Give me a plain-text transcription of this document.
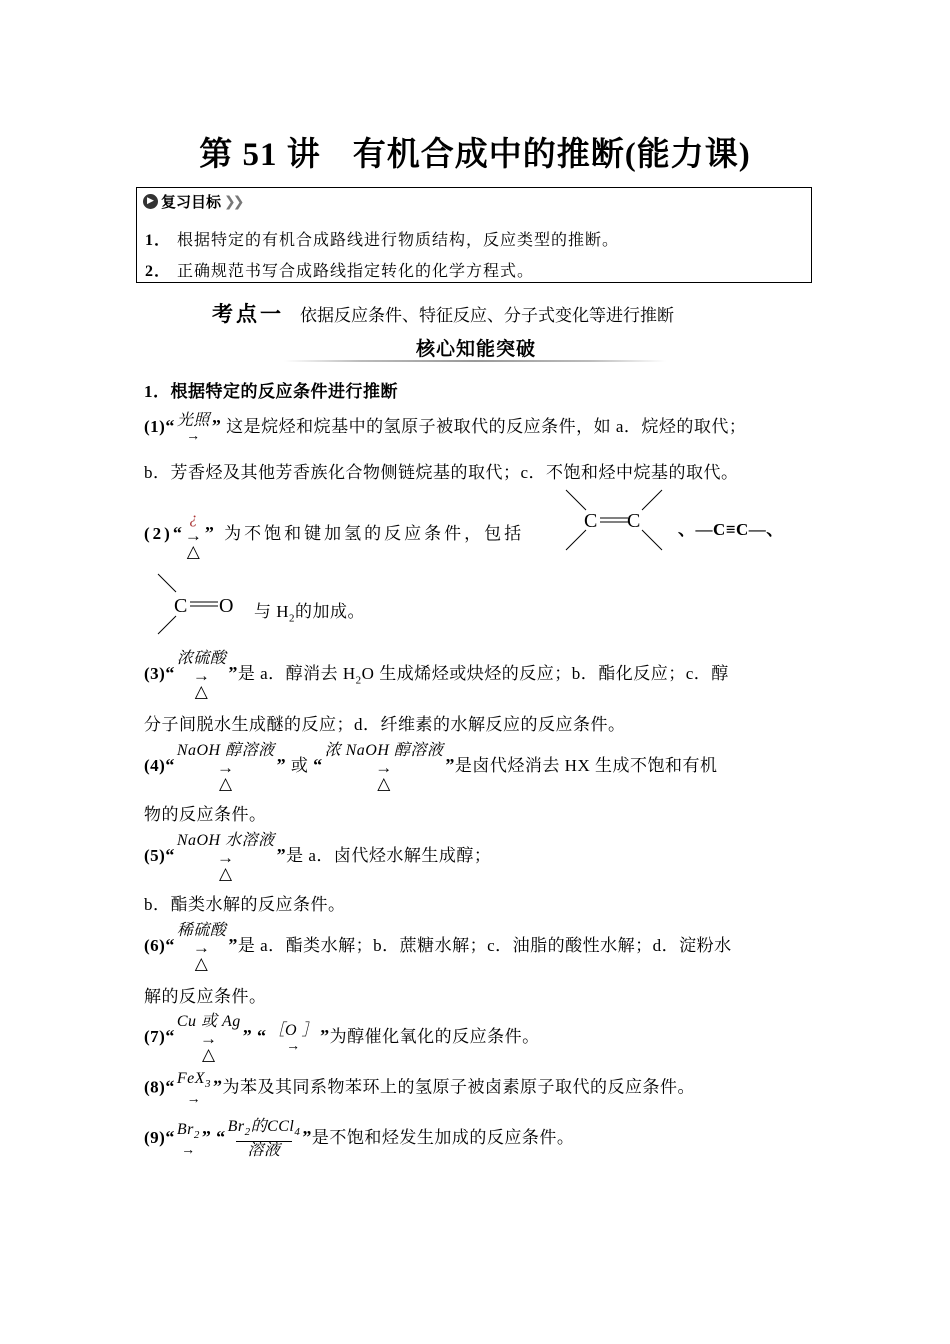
第 51 讲 有机合成中的推断(能力课)
▶ 复习目标 ❯❯
1． 根据特定的有机合成路线进行物质结构，反应类型的推断。
2． 正确规范书写合成路线指定转化的化学方程式。
考点一 依据反应条件、特征反应、分子式变化等进行推断
核心知能突破
1．根据特定的反应条件进行推断
(1)“ 光照
→
” 这是烷烃和烷基中的氢原子被取代的反应条件，如 a．烷烃的取代；
b．芳香烃及其他芳香族化合物侧链烷基的取代；c．不饱和烃中烷基的取代。
(2)“
¿
→
△
” 为不饱和键加氢的反应条件，包括
C C 、—C≡C—、
C O 与 $H_2$的加成。
(3)“
浓硫酸
→
△
”是 a．醇消去 $H_2O$ 生成烯烃或炔烃的反应；b．酯化反应；c．醇
分子间脱水生成醚的反应；d．纤维素的水解反应的反应条件。
(4)“
NaOH 醇溶液
→
△
” 或 “
浓 NaOH 醇溶液
→
△
”是卤代烃消去 HX 生成不饱和有机
物的反应条件。
(5)“
NaOH 水溶液
→
△
”是 a．卤代烃水解生成醇；
b．酯类水解的反应条件。
(6)“
稀硫酸
→
△
”是 a．酯类水解；b．蔗糖水解；c．油脂的酸性水解；d．淀粉水
解的反应条件。
(7)“
Cu 或 Ag
→
△
” “ ［O ］
→
”为醇催化氧化的反应条件。
(8)“ FeX$_3$
→
”为苯及其同系物苯环上的氢原子被卤素原子取代的反应条件。
(9)“ $Br_2$
→
” “
$Br_2$的CCl$_4$
溶液
”是不饱和烃发生加成的反应条件。
